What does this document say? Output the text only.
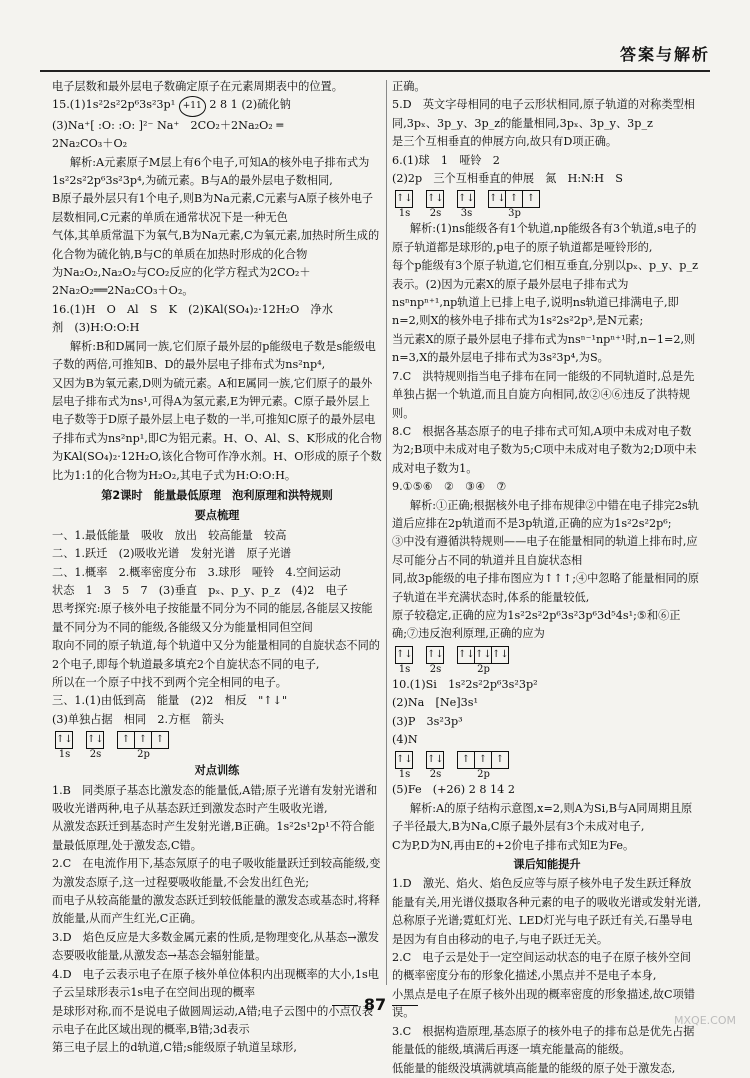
答案与解析

电子层数和最外层电子数确定原子在元素周期表中的位置。

15.(1)1s²2s²2p⁶3s²3p¹ +11 2 8 1 (2)硫化钠

(3)Na⁺[ :O: :O: ]²⁻ Na⁺　2CO₂＋2Na₂O₂ ═

2Na₂CO₃＋O₂

解析:A元素原子M层上有6个电子,可知A的核外电子排布式为1s²2s²2p⁶3s²3p⁴,为硫元素。B与A的最外层电子数相同,

B原子最外层只有1个电子,则B为Na元素,C元素与A原子核外电子层数相同,C元素的单质在通常状况下是一种无色

气体,其单质常温下为氧气,B为Na元素,C为氧元素,加热时所生成的化合物为硫化钠,B与C的单质在加热时形成的化合物

为Na₂O₂,Na₂O₂与CO₂反应的化学方程式为2CO₂＋2Na₂O₂══2Na₂CO₃＋O₂。

16.(1)H　O　Al　S　K　(2)KAl(SO₄)₂·12H₂O　净水

剂　(3)H:O:O:H

解析:B和D属同一族,它们原子最外层的p能级电子数是s能级电子数的两倍,可推知B、D的最外层电子排布式为ns²np⁴,

又因为B为氧元素,D则为硫元素。A和E属同一族,它们原子的最外层电子排布式为ns¹,可得A为氢元素,E为钾元素。C原子最外层上

电子数等于D原子最外层上电子数的一半,可推知C原子的最外层电子排布式为ns²np¹,即C为铝元素。H、O、Al、S、K形成的化合物

为KAl(SO₄)₂·12H₂O,该化合物可作净水剂。H、O形成的原子个数比为1:1的化合物为H₂O₂,其电子式为H:O:O:H。

第2课时　能量最低原理　泡利原理和洪特规则

要点梳理

一、1.最低能量　吸收　放出　较高能量　较高

二、1.跃迁　(2)吸收光谱　发射光谱　原子光谱

二、1.概率　2.概率密度分布　3.球形　哑铃　4.空间运动

状态　1　3　5　7　(3)垂直　pₓ、p_y、p_z　(4)2　电子

思考探究:原子核外电子按能量不同分为不同的能层,各能层又按能量不同分为不同的能级,各能级又分为能量相同但空间

取向不同的原子轨道,每个轨道中又分为能量相同的自旋状态不同的2个电子,即每个轨道最多填充2个自旋状态不同的电子,

所以在一个原子中找不到两个完全相同的电子。

三、1.(1)由低到高　能量　(2)2　相反　"↑↓"

(3)单独占据　相同　2.方框　箭头

↑↓
1s
↑↓
2s
↑ ↑ ↑
2p

对点训练

1.B　同类原子基态比激发态的能量低,A错;原子光谱有发射光谱和吸收光谱两种,电子从基态跃迁到激发态时产生吸收光谱,

从激发态跃迁到基态时产生发射光谱,B正确。1s²2s¹2p¹不符合能量最低原理,处于激发态,C错。

2.C　在电流作用下,基态氖原子的电子吸收能量跃迁到较高能级,变为激发态原子,这一过程要吸收能量,不会发出红色光;

而电子从较高能量的激发态跃迁到较低能量的激发态或基态时,将释放能量,从而产生红光,C正确。

3.D　焰色反应是大多数金属元素的性质,是物理变化,从基态→激发态要吸收能量,从激发态→基态会辐射能量。

4.D　电子云表示电子在原子核外单位体积内出现概率的大小,1s电子云呈球形表示1s电子在空间出现的概率

是球形对称,而不是说电子做圆周运动,A错;电子云图中的小点仅表示电子在此区域出现的概率,B错;3d表示

第三电子层上的d轨道,C错;s能级原子轨道呈球形,

正确。

5.D　英文字母相同的电子云形状相同,原子轨道的对称类型相同,3pₓ、3p_y、3p_z的能量相同,3pₓ、3p_y、3p_z

是三个互相垂直的伸展方向,故只有D项正确。

6.(1)球　1　哑铃　2

(2)2p　三个互相垂直的伸展　氮　H:N:H　S

↑↓
1s
↑↓
2s
↑↓
3s
↑↓ ↑ ↑
3p

解析:(1)ns能级各有1个轨道,np能级各有3个轨道,s电子的原子轨道都是球形的,p电子的原子轨道都是哑铃形的,

每个p能级有3个原子轨道,它们相互垂直,分别以pₓ、p_y、p_z表示。(2)因为元素X的原子最外层电子排布式为

nsⁿnpⁿ⁺¹,np轨道上已排上电子,说明ns轨道已排满电子,即n=2,则X的核外电子排布式为1s²2s²2p³,是N元素;

当元素X的原子最外层电子排布式为nsⁿ⁻¹npⁿ⁺¹时,n−1=2,则n=3,X的最外层电子排布式为3s²3p⁴,为S。

7.C　洪特规则指当电子排布在同一能级的不同轨道时,总是先单独占据一个轨道,而且自旋方向相同,故②④⑥违反了洪特规则。

8.C　根据各基态原子的电子排布式可知,A项中未成对电子数为2;B项中未成对电子数为5;C项中未成对电子数为2;D项中未成对电子数为1。

9.①⑤⑥　②　③④　⑦

解析:①正确;根据核外电子排布规律②中错在电子排完2s轨道后应排在2p轨道而不是3p轨道,正确的应为1s²2s²2p⁶;

③中没有遵循洪特规则——电子在能量相同的轨道上排布时,应尽可能分占不同的轨道并且自旋状态相

同,故3p能级的电子排布图应为↑↑↑;④中忽略了能量相同的原子轨道在半充满状态时,体系的能量较低,

原子较稳定,正确的应为1s²2s²2p⁶3s²3p⁶3d⁵4s¹;⑤和⑥正确;⑦违反泡利原理,正确的应为

↑↓
1s
↑↓
2s
↑↓ ↑↓ ↑↓
2p

10.(1)Si　1s²2s²2p⁶3s²3p²

(2)Na　[Ne]3s¹

(3)P　3s²3p³

(4)N

↑↓
1s
↑↓
2s
↑ ↑ ↑
2p

(5)Fe　(+26) 2 8 14 2

解析:A的原子结构示意图,x=2,则A为Si,B与A同周期且原子半径最大,B为Na,C原子最外层有3个未成对电子,

C为P,D为N,再由E的+2价电子排布式知E为Fe。

课后知能提升

1.D　激光、焰火、焰色反应等与原子核外电子发生跃迁释放能量有关,用光谱仪摄取各种元素的电子的吸收光谱或发射光谱,

总称原子光谱;霓虹灯光、LED灯光与电子跃迁有关,石墨导电是因为有自由移动的电子,与电子跃迁无关。

2.C　电子云是处于一定空间运动状态的电子在原子核外空间的概率密度分布的形象化描述,小黑点并不是电子本身,

小黑点是电子在原子核外出现的概率密度的形象描述,故C项错误。

3.C　根据构造原理,基态原子的核外电子的排布总是优先占据能量低的能级,填满后再逐一填充能量高的能级。

低能量的能级没填满就填高能量的能级的原子处于激发态,

87
MXQE.COM
